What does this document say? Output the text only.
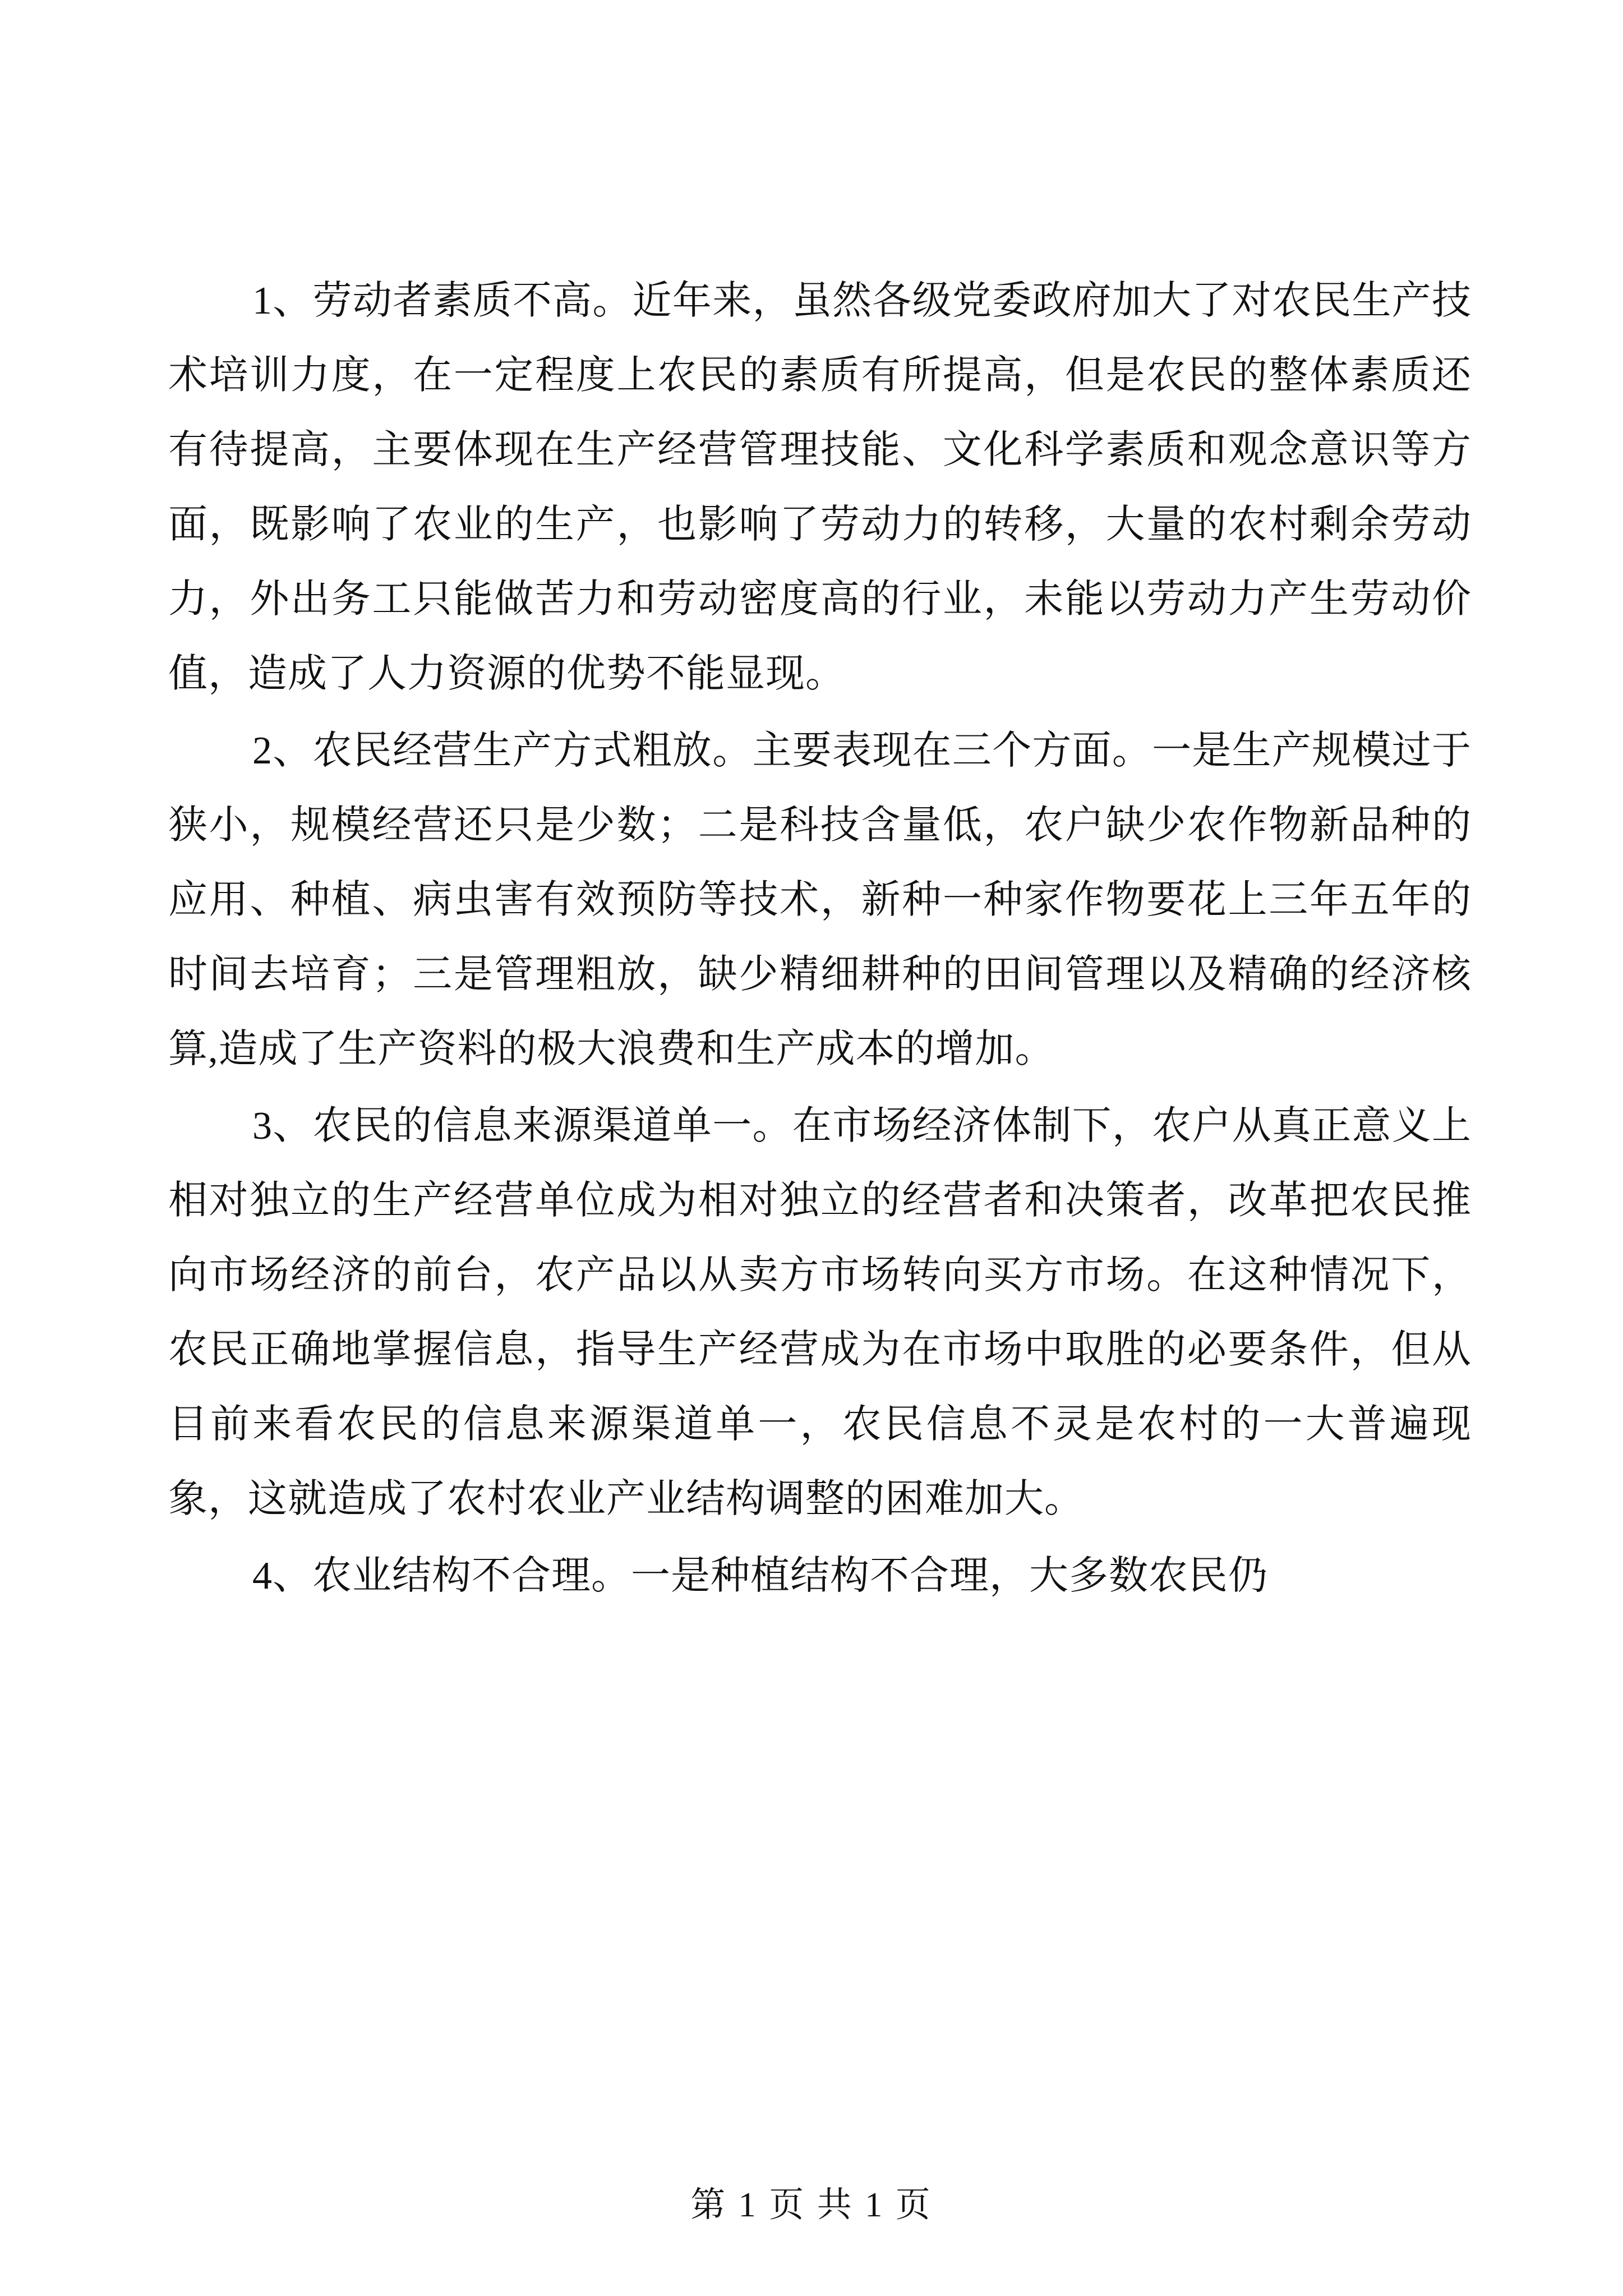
1、劳动者素质不高。近年来，虽然各级党委政府加大了对农民生产技术培训力度，在一定程度上农民的素质有所提高，但是农民的整体素质还有待提高，主要体现在生产经营管理技能、文化科学素质和观念意识等方面，既影响了农业的生产，也影响了劳动力的转移，大量的农村剩余劳动力，外出务工只能做苦力和劳动密度高的行业，未能以劳动力产生劳动价值，造成了人力资源的优势不能显现。

2、农民经营生产方式粗放。主要表现在三个方面。一是生产规模过于狭小，规模经营还只是少数；二是科技含量低，农户缺少农作物新品种的应用、种植、病虫害有效预防等技术，新种一种家作物要花上三年五年的时间去培育；三是管理粗放，缺少精细耕种的田间管理以及精确的经济核算,造成了生产资料的极大浪费和生产成本的增加。

3、农民的信息来源渠道单一。在市场经济体制下，农户从真正意义上相对独立的生产经营单位成为相对独立的经营者和决策者，改革把农民推向市场经济的前台，农产品以从卖方市场转向买方市场。在这种情况下，农民正确地掌握信息，指导生产经营成为在市场中取胜的必要条件，但从目前来看农民的信息来源渠道单一，农民信息不灵是农村的一大普遍现象，这就造成了农村农业产业结构调整的困难加大。

4、农业结构不合理。一是种植结构不合理，大多数农民仍

第 1 页 共 1 页
